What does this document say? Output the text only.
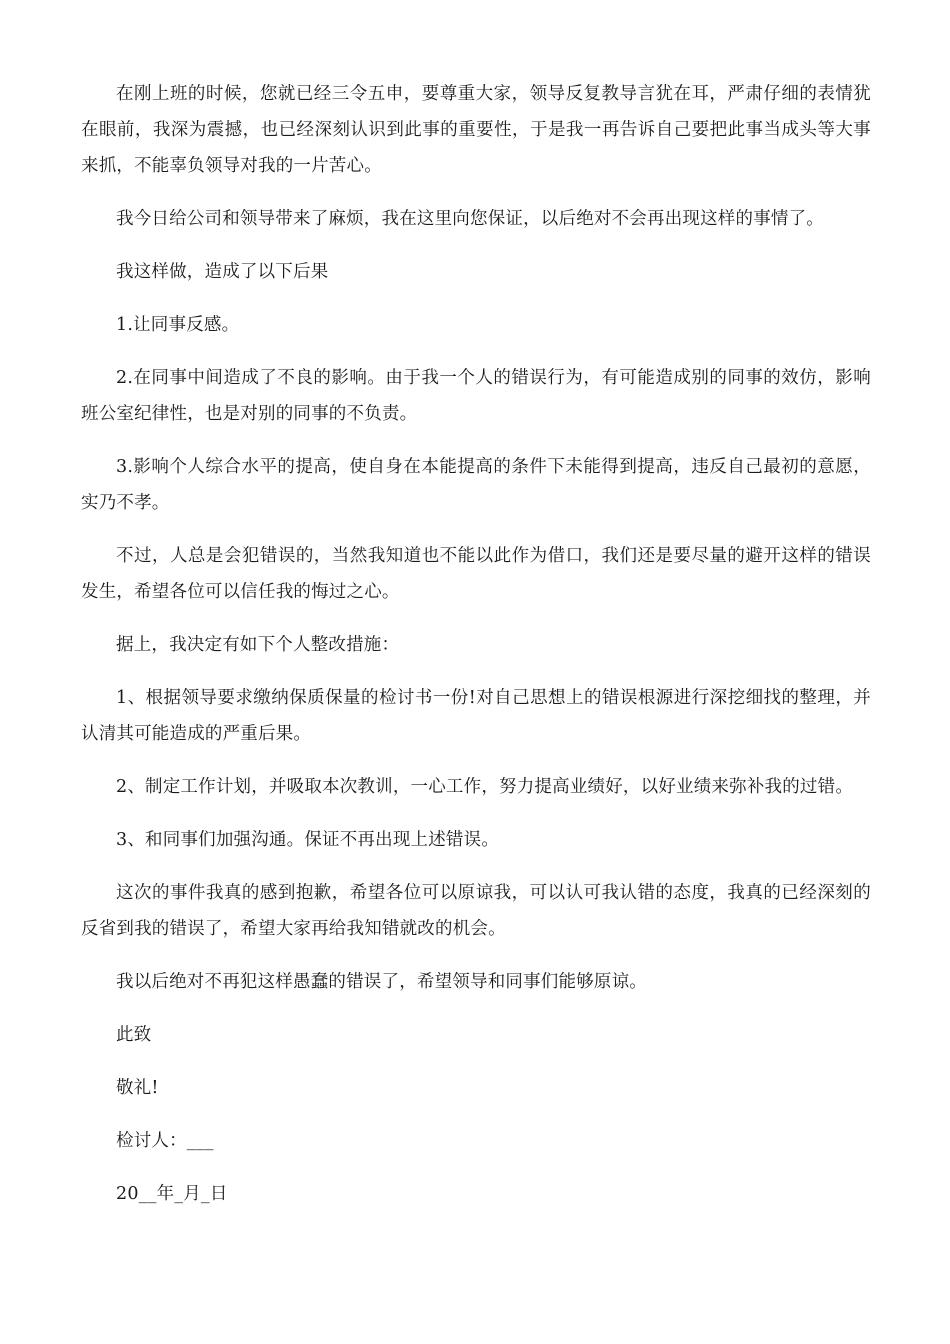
在刚上班的时候，您就已经三令五申，要尊重大家，领导反复教导言犹在耳，严肃仔细的表情犹在眼前，我深为震撼，也已经深刻认识到此事的重要性，于是我一再告诉自己要把此事当成头等大事来抓，不能辜负领导对我的一片苦心。

我今日给公司和领导带来了麻烦，我在这里向您保证，以后绝对不会再出现这样的事情了。

我这样做，造成了以下后果

1.让同事反感。

2.在同事中间造成了不良的影响。由于我一个人的错误行为，有可能造成别的同事的效仿，影响班公室纪律性，也是对别的同事的不负责。

3.影响个人综合水平的提高，使自身在本能提高的条件下未能得到提高，违反自己最初的意愿，实乃不孝。

不过，人总是会犯错误的，当然我知道也不能以此作为借口，我们还是要尽量的避开这样的错误发生，希望各位可以信任我的悔过之心。

据上，我决定有如下个人整改措施：

1、根据领导要求缴纳保质保量的检讨书一份!对自己思想上的错误根源进行深挖细找的整理，并认清其可能造成的严重后果。

2、制定工作计划，并吸取本次教训，一心工作，努力提高业绩好，以好业绩来弥补我的过错。

3、和同事们加强沟通。保证不再出现上述错误。

这次的事件我真的感到抱歉，希望各位可以原谅我，可以认可我认错的态度，我真的已经深刻的反省到我的错误了，希望大家再给我知错就改的机会。

我以后绝对不再犯这样愚蠢的错误了，希望领导和同事们能够原谅。

此致

敬礼!

检讨人：___

20__年_月_日
